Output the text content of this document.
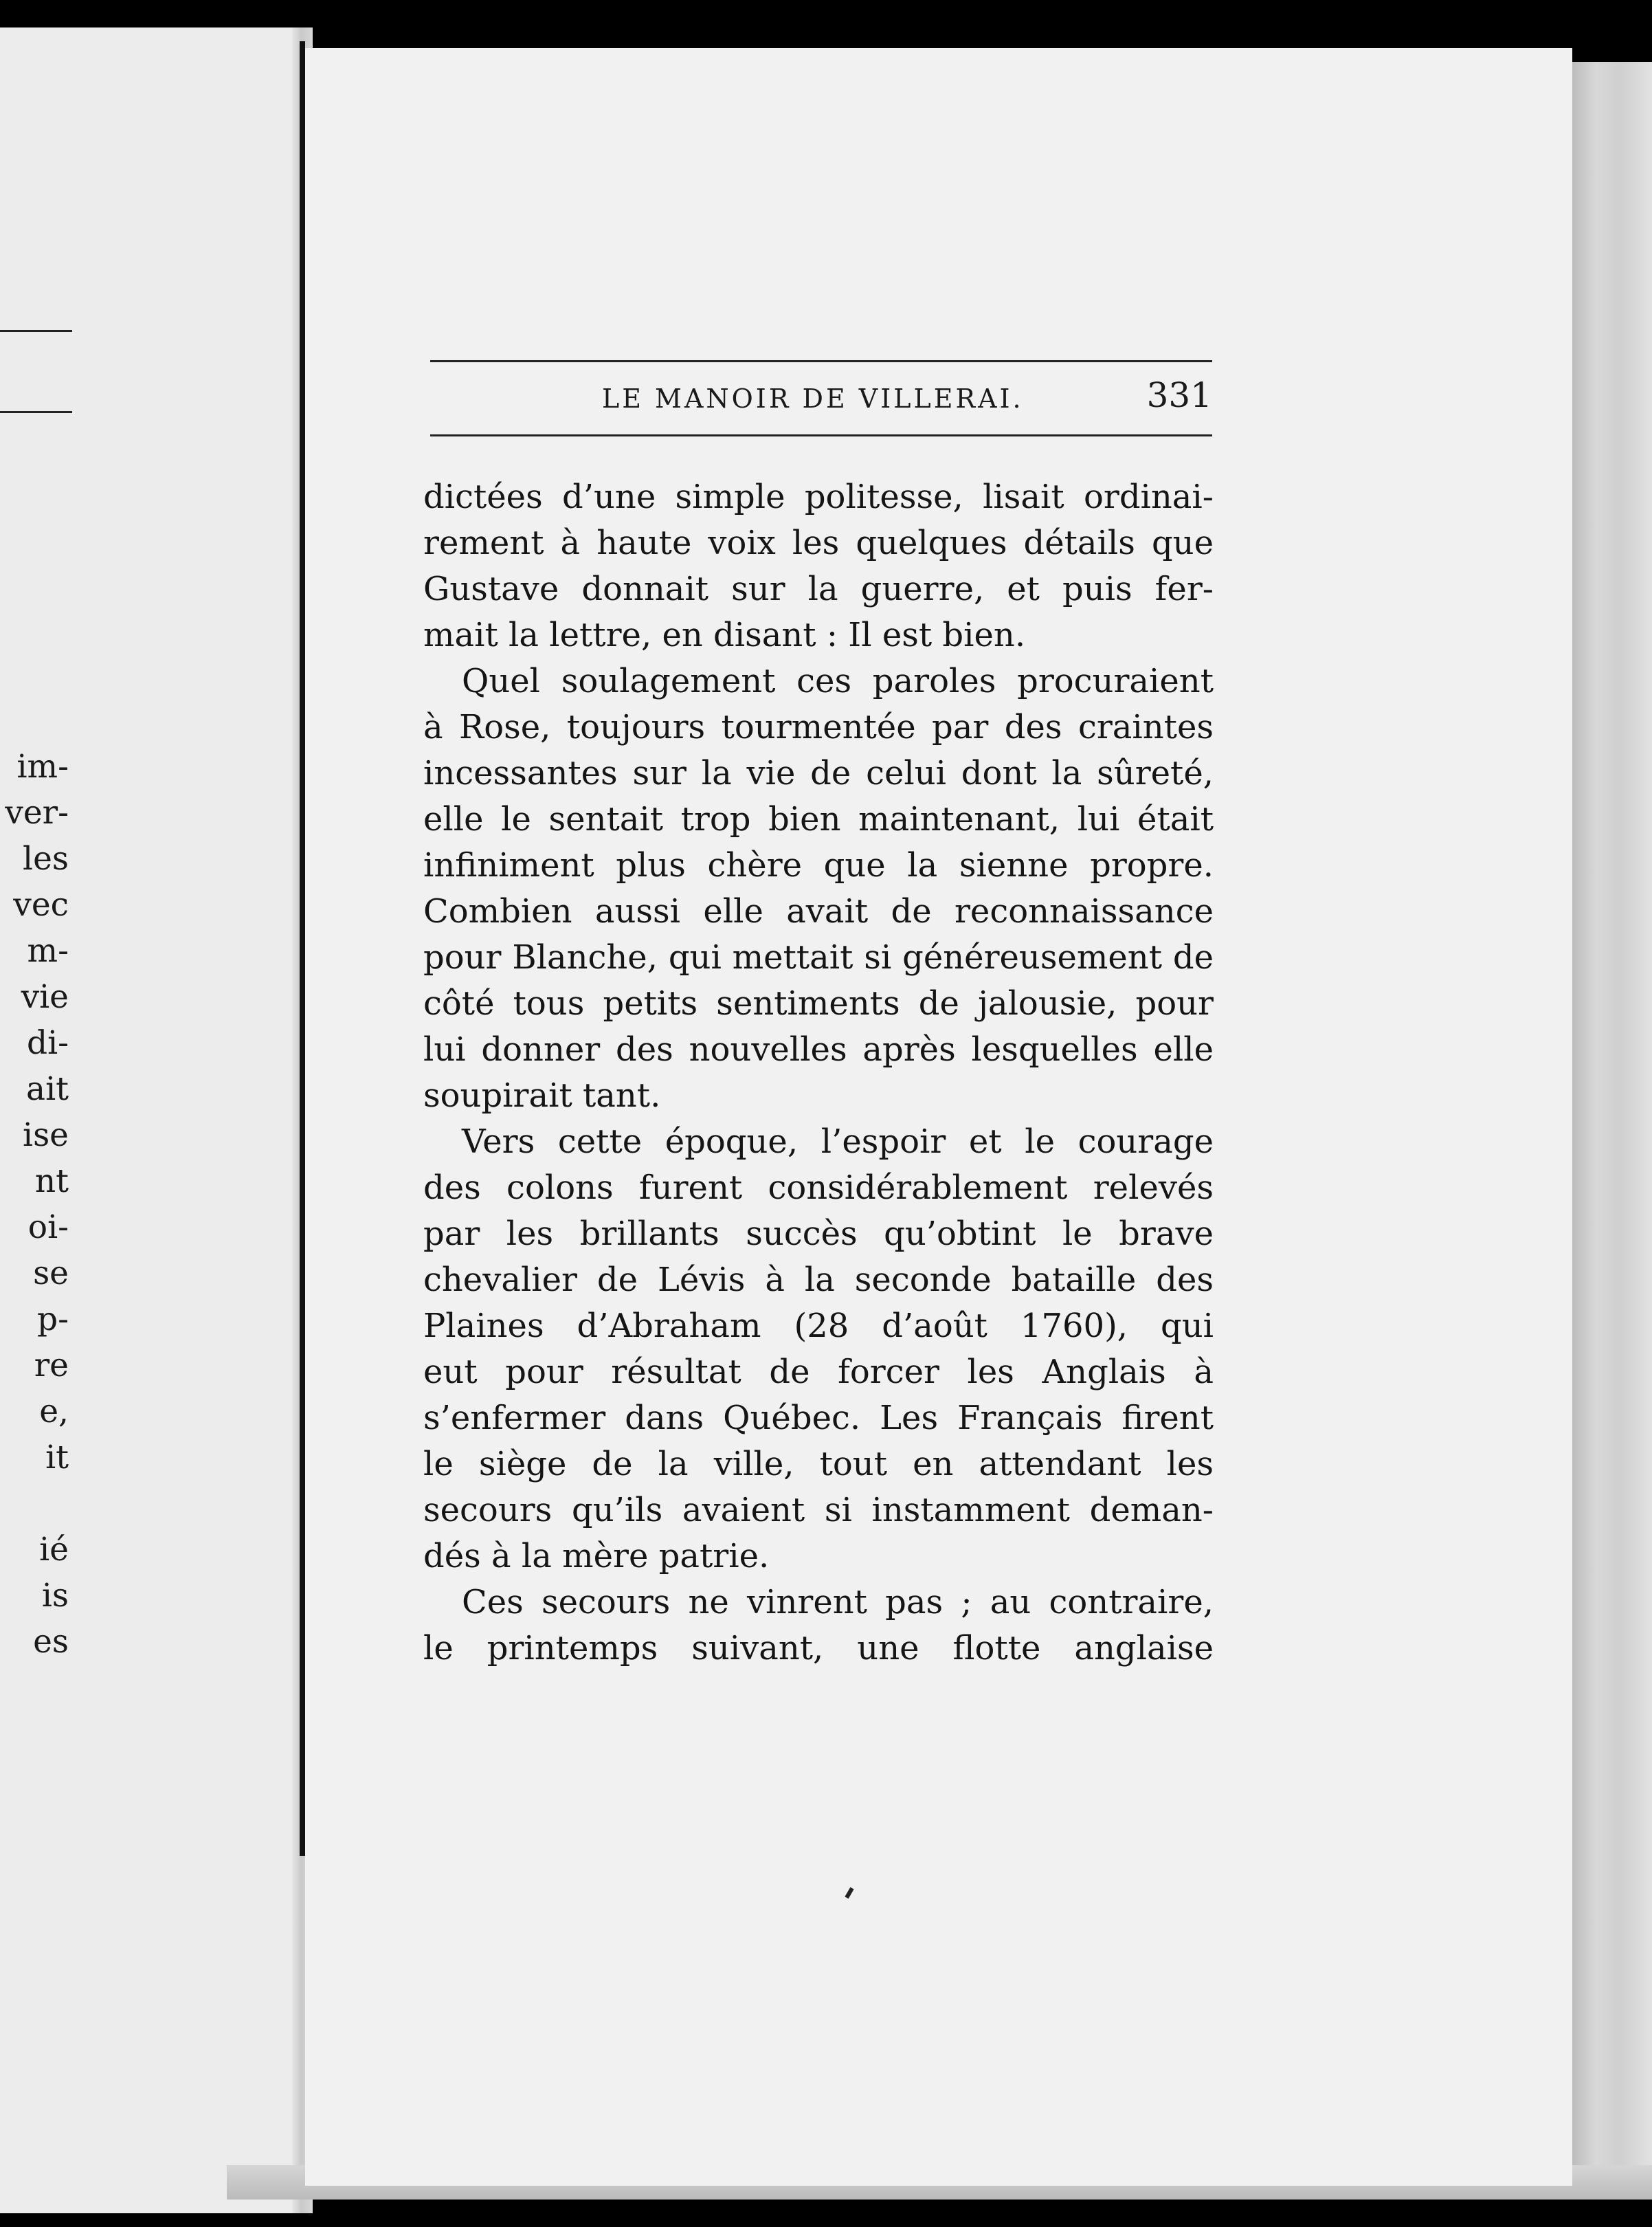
im-
ver-
les
vec
m-
vie
di-
ait
ise
nt
oi-
se
p-
re
e,
it
ié
is
es
LE MANOIR DE VILLERAI.	331
dictées d’une simple politesse, lisait ordinai-
rement à haute voix les quelques détails que
Gustave donnait sur la guerre, et puis fer-
mait la lettre, en disant : Il est bien.
Quel soulagement ces paroles procuraient
à Rose, toujours tourmentée par des craintes
incessantes sur la vie de celui dont la sûreté,
elle le sentait trop bien maintenant, lui était
infiniment plus chère que la sienne propre.
Combien aussi elle avait de reconnaissance
pour Blanche, qui mettait si généreusement de
côté tous petits sentiments de jalousie, pour
lui donner des nouvelles après lesquelles elle
soupirait tant.
Vers cette époque, l’espoir et le courage
des colons furent considérablement relevés
par les brillants succès qu’obtint le brave
chevalier de Lévis à la seconde bataille des
Plaines d’Abraham (28 d’août 1760), qui
eut pour résultat de forcer les Anglais à
s’enfermer dans Québec. Les Français firent
le siège de la ville, tout en attendant les
secours qu’ils avaient si instamment deman-
dés à la mère patrie.
Ces secours ne vinrent pas ; au contraire,
le printemps suivant, une flotte anglaise
